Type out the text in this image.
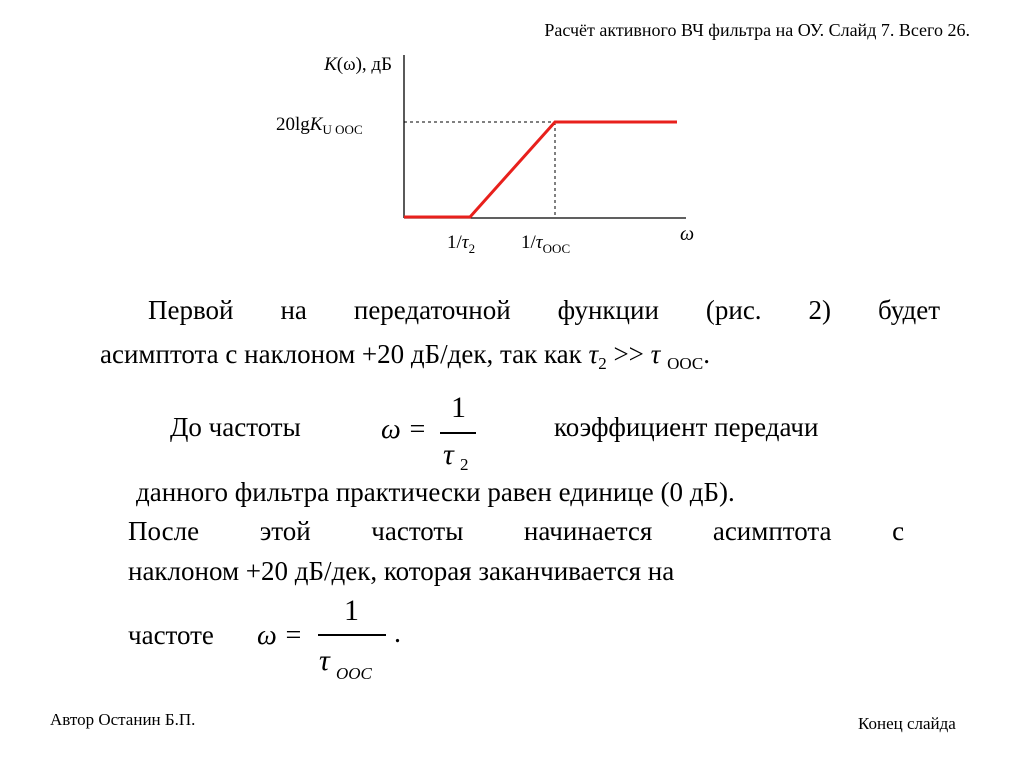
Расчёт активного ВЧ фильтра на ОУ. Слайд 7. Всего 26.
K(ω), дБ
20lgK$_{U ООС}$
ω
$1/\tau_2$ $1/\tau_{ООС}$
Первой на передаточной функции (рис. 2) будет
асимптота с наклоном +20 дБ/дек, так как $\tau_2 >> \tau$ $_{ООС}$.
До частоты	ω =
1
τ 2
коэффициент передачи
данного фильтра практически равен единице (0 дБ).
После этой частоты начинается асимптота с
наклоном +20 дБ/дек, которая заканчивается на
частоте ω =
1
τ ООС
.
Автор Останин Б.П.	Конец слайда
